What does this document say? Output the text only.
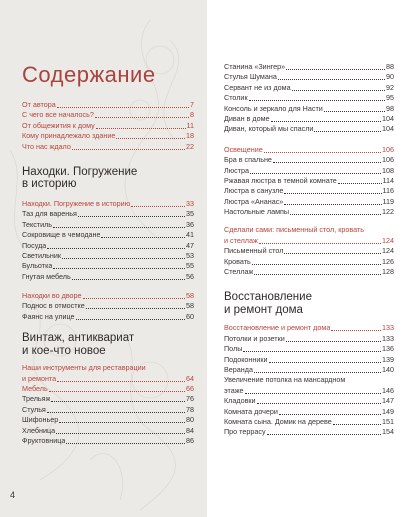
Содержание
От автора	7
С чего все началось?	8
От общежития к дому	11
Кому принадлежало здание	18
Что нас ждало	22
Находки. Погружение
в историю
Находки. Погружение в историю	33
Таз для варенья	35
Текстиль	36
Сокровище в чемодане	41
Посуда	47
Светильник	53
Бульотка	55
Гнутая мебель	56
Находки во дворе	58
Поднос в отмостке	58
Фаянс на улице	60
Винтаж, антиквариат
и кое-что новое
Наши инструменты для реставрации
и ремонта	64
Мебель	66
Трельяж	76
Стулья	78
Шифоньер	80
Хлебница	84
Фруктовница	86
Станина «Зингер»	88
Стулья Шумана	90
Сервант не из дома	92
Столик	95
Консоль и зеркало для Насти	98
Диван в доме	104
Диван, который мы спасли	104
Освещение	106
Бра в спальне	106
Люстра	108
Ржавая люстра в темной комнате	114
Люстра в санузле	116
Люстра «Ананас»	119
Настольные лампы	122
Сделали сами: письменный стол, кровать
и стеллаж	124
Письменный стол	124
Кровать	126
Стеллаж	128
Восстановление
и ремонт дома
Восстановление и ремонт дома	133
Потолки и розетки	133
Полы	136
Подоконники	139
Веранда	140
Увеличение потолка на мансардном
этаже	146
Кладовки	147
Комната дочери	149
Комната сына. Домик на дереве	151
Про террасу	154
4
